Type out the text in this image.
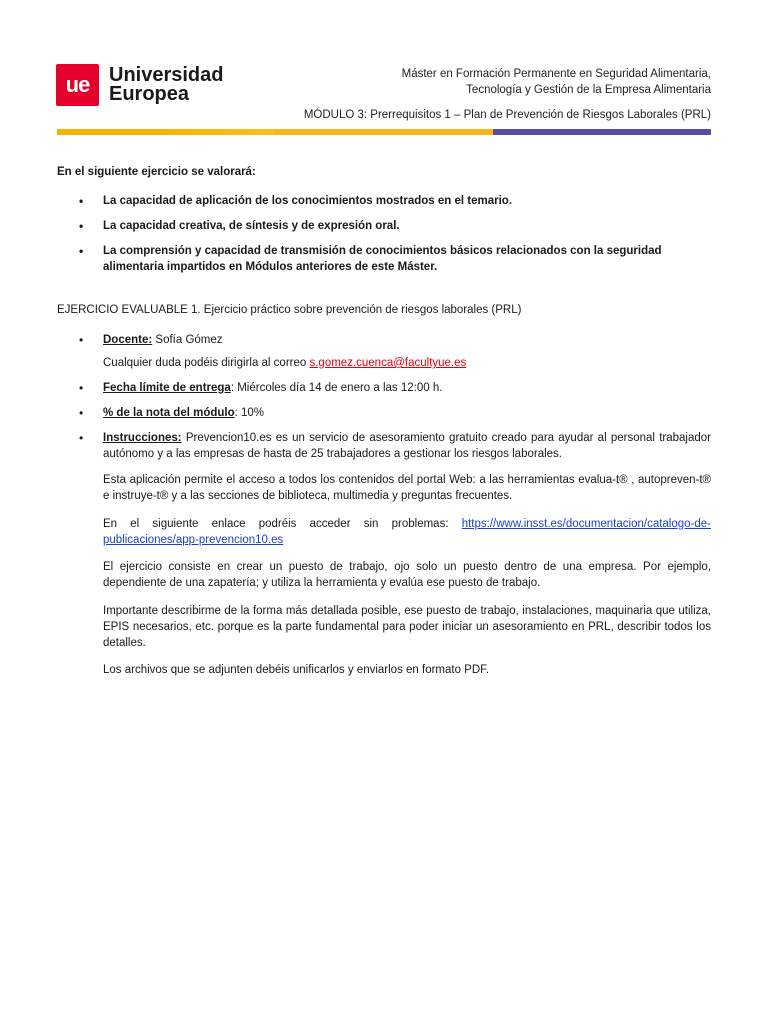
ue Universidad
Europea
Máster en Formación Permanente en Seguridad Alimentaria,
Tecnología y Gestión de la Empresa Alimentaria
MÓDULO 3: Prerrequisitos 1 – Plan de Prevención de Riesgos Laborales (PRL)

En el siguiente ejercicio se valorará:

• La capacidad de aplicación de los conocimientos mostrados en el temario.
• La capacidad creativa, de síntesis y de expresión oral.
• La comprensión y capacidad de transmisión de conocimientos básicos relacionados con la seguridad alimentaria impartidos en Módulos anteriores de este Máster.

EJERCICIO EVALUABLE 1. Ejercicio práctico sobre prevención de riesgos laborales (PRL)

• Docente: Sofía Gómez

Cualquier duda podéis dirigirla al correo s.gomez.cuenca@facultyue.es

• Fecha límite de entrega: Miércoles día 14 de enero a las 12:00 h.
• % de la nota del módulo: 10%
• Instrucciones: Prevencion10.es es un servicio de asesoramiento gratuito creado para ayudar al personal trabajador autónomo y a las empresas de hasta de 25 trabajadores a gestionar los riesgos laborales.

Esta aplicación permite el acceso a todos los contenidos del portal Web: a las herramientas evalua-t® , autopreven-t® e instruye-t® y a las secciones de biblioteca, multimedia y preguntas frecuentes.

En el siguiente enlace podréis acceder sin problemas: https://www.insst.es/documentacion/catalogo-de-publicaciones/app-prevencion10.es

El ejercicio consiste en crear un puesto de trabajo, ojo solo un puesto dentro de una empresa. Por ejemplo, dependiente de una zapatería; y utiliza la herramienta y evalúa ese puesto de trabajo.

Importante describirme de la forma más detallada posible, ese puesto de trabajo, instalaciones, maquinaria que utiliza, EPIS necesarios, etc. porque es la parte fundamental para poder iniciar un asesoramiento en PRL, describir todos los detalles.

Los archivos que se adjunten debéis unificarlos y enviarlos en formato PDF.
